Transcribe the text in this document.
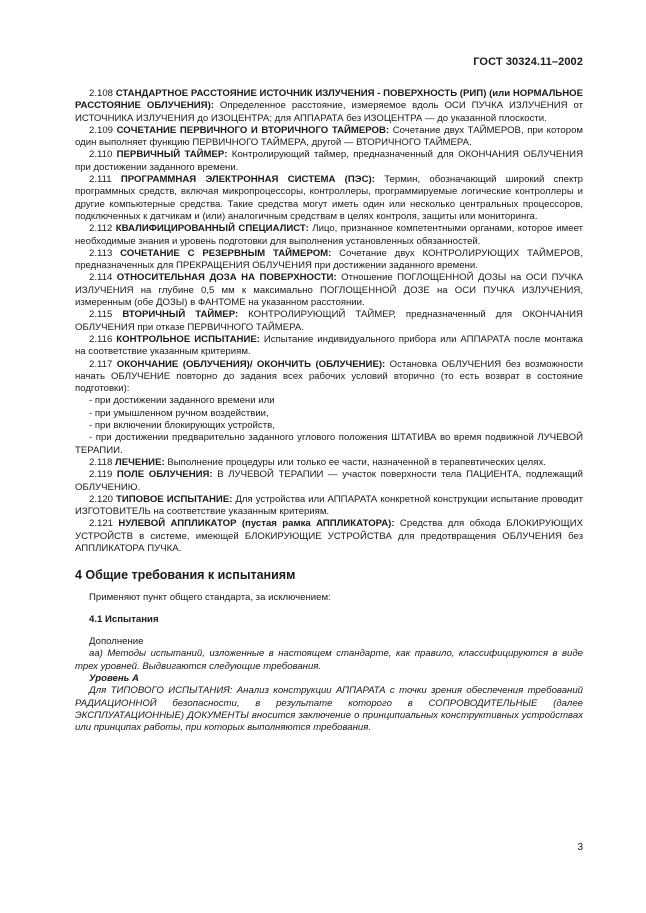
ГОСТ 30324.11–2002

2.108 СТАНДАРТНОЕ РАССТОЯНИЕ ИСТОЧНИК ИЗЛУЧЕНИЯ - ПОВЕРХНОСТЬ (РИП) (или НОРМАЛЬНОЕ РАССТОЯНИЕ ОБЛУЧЕНИЯ): Определенное расстояние, измеряемое вдоль ОСИ ПУЧКА ИЗЛУЧЕНИЯ от ИСТОЧНИКА ИЗЛУЧЕНИЯ до ИЗОЦЕНТРА; для АППАРАТА без ИЗОЦЕНТРА — до указанной плоскости.

2.109 СОЧЕТАНИЕ ПЕРВИЧНОГО И ВТОРИЧНОГО ТАЙМЕРОВ: Сочетание двух ТАЙМЕРОВ, при котором один выполняет функцию ПЕРВИЧНОГО ТАЙМЕРА, другой — ВТОРИЧНОГО ТАЙМЕРА.

2.110 ПЕРВИЧНЫЙ ТАЙМЕР: Контролирующий таймер, предназначенный для ОКОНЧАНИЯ ОБЛУЧЕНИЯ при достижении заданного времени.

2.111 ПРОГРАММНАЯ ЭЛЕКТРОННАЯ СИСТЕМА (ПЭС): Термин, обозначающий широкий спектр программных средств, включая микропроцессоры, контроллеры, программируемые логические контроллеры и другие компьютерные средства. Такие средства могут иметь один или несколько центральных процессоров, подключенных к датчикам и (или) аналогичным средствам в целях контроля, защиты или мониторинга.

2.112 КВАЛИФИЦИРОВАННЫЙ СПЕЦИАЛИСТ: Лицо, признанное компетентными органами, которое имеет необходимые знания и уровень подготовки для выполнения установленных обязанностей.

2.113 СОЧЕТАНИЕ С РЕЗЕРВНЫМ ТАЙМЕРОМ: Сочетание двух КОНТРОЛИРУЮЩИХ ТАЙМЕРОВ, предназначенных для ПРЕКРАЩЕНИЯ ОБЛУЧЕНИЯ при достижении заданного времени.

2.114 ОТНОСИТЕЛЬНАЯ ДОЗА НА ПОВЕРХНОСТИ: Отношение ПОГЛОЩЕННОЙ ДОЗЫ на ОСИ ПУЧКА ИЗЛУЧЕНИЯ на глубине 0,5 мм к максимально ПОГЛОЩЕННОЙ ДОЗЕ на ОСИ ПУЧКА ИЗЛУЧЕНИЯ, измеренным (обе ДОЗЫ) в ФАНТОМЕ на указанном расстоянии.

2.115 ВТОРИЧНЫЙ ТАЙМЕР: КОНТРОЛИРУЮЩИЙ ТАЙМЕР, предназначенный для ОКОНЧАНИЯ ОБЛУЧЕНИЯ при отказе ПЕРВИЧНОГО ТАЙМЕРА.

2.116 КОНТРОЛЬНОЕ ИСПЫТАНИЕ: Испытание индивидуального прибора или АППАРАТА после монтажа на соответствие указанным критериям.

2.117 ОКОНЧАНИЕ (ОБЛУЧЕНИЯ)/ ОКОНЧИТЬ (ОБЛУЧЕНИЕ): Остановка ОБЛУЧЕНИЯ без возможности начать ОБЛУЧЕНИЕ повторно до задания всех рабочих условий вторично (то есть возврат в состояние подготовки):

- при достижении заданного времени или

- при умышленном ручном воздействии,

- при включении блокирующих устройств,

- при достижении предварительно заданного углового положения ШТАТИВА во время подвижной ЛУЧЕВОЙ ТЕРАПИИ.

2.118 ЛЕЧЕНИЕ: Выполнение процедуры или только ее части, назначенной в терапевтических целях.

2.119 ПОЛЕ ОБЛУЧЕНИЯ: В ЛУЧЕВОЙ ТЕРАПИИ — участок поверхности тела ПАЦИЕНТА, подлежащий ОБЛУЧЕНИЮ.

2.120 ТИПОВОЕ ИСПЫТАНИЕ: Для устройства или АППАРАТА конкретной конструкции испытание проводит ИЗГОТОВИТЕЛЬ на соответствие указанным критериям.

2.121 НУЛЕВОЙ АППЛИКАТОР (пустая рамка АППЛИКАТОРА): Средства для обхода БЛОКИРУЮЩИХ УСТРОЙСТВ в системе, имеющей БЛОКИРУЮЩИЕ УСТРОЙСТВА для предотвращения ОБЛУЧЕНИЯ без АППЛИКАТОРА ПУЧКА.

4 Общие требования к испытаниям

Применяют пункт общего стандарта, за исключением:

4.1 Испытания

Дополнение

аа) Методы испытаний, изложенные в настоящем стандарте, как правило, классифицируются в виде трех уровней. Выдвигаются следующие требования.

Уровень А

Для ТИПОВОГО ИСПЫТАНИЯ: Анализ конструкции АППАРАТА с точки зрения обеспечения требований РАДИАЦИОННОЙ безопасности, в результате которого в СОПРОВОДИТЕЛЬНЫЕ (далее ЭКСПЛУАТАЦИОННЫЕ) ДОКУМЕНТЫ вносится заключение о принципиальных конструктивных устройствах или принципах работы, при которых выполняются требования.

3
